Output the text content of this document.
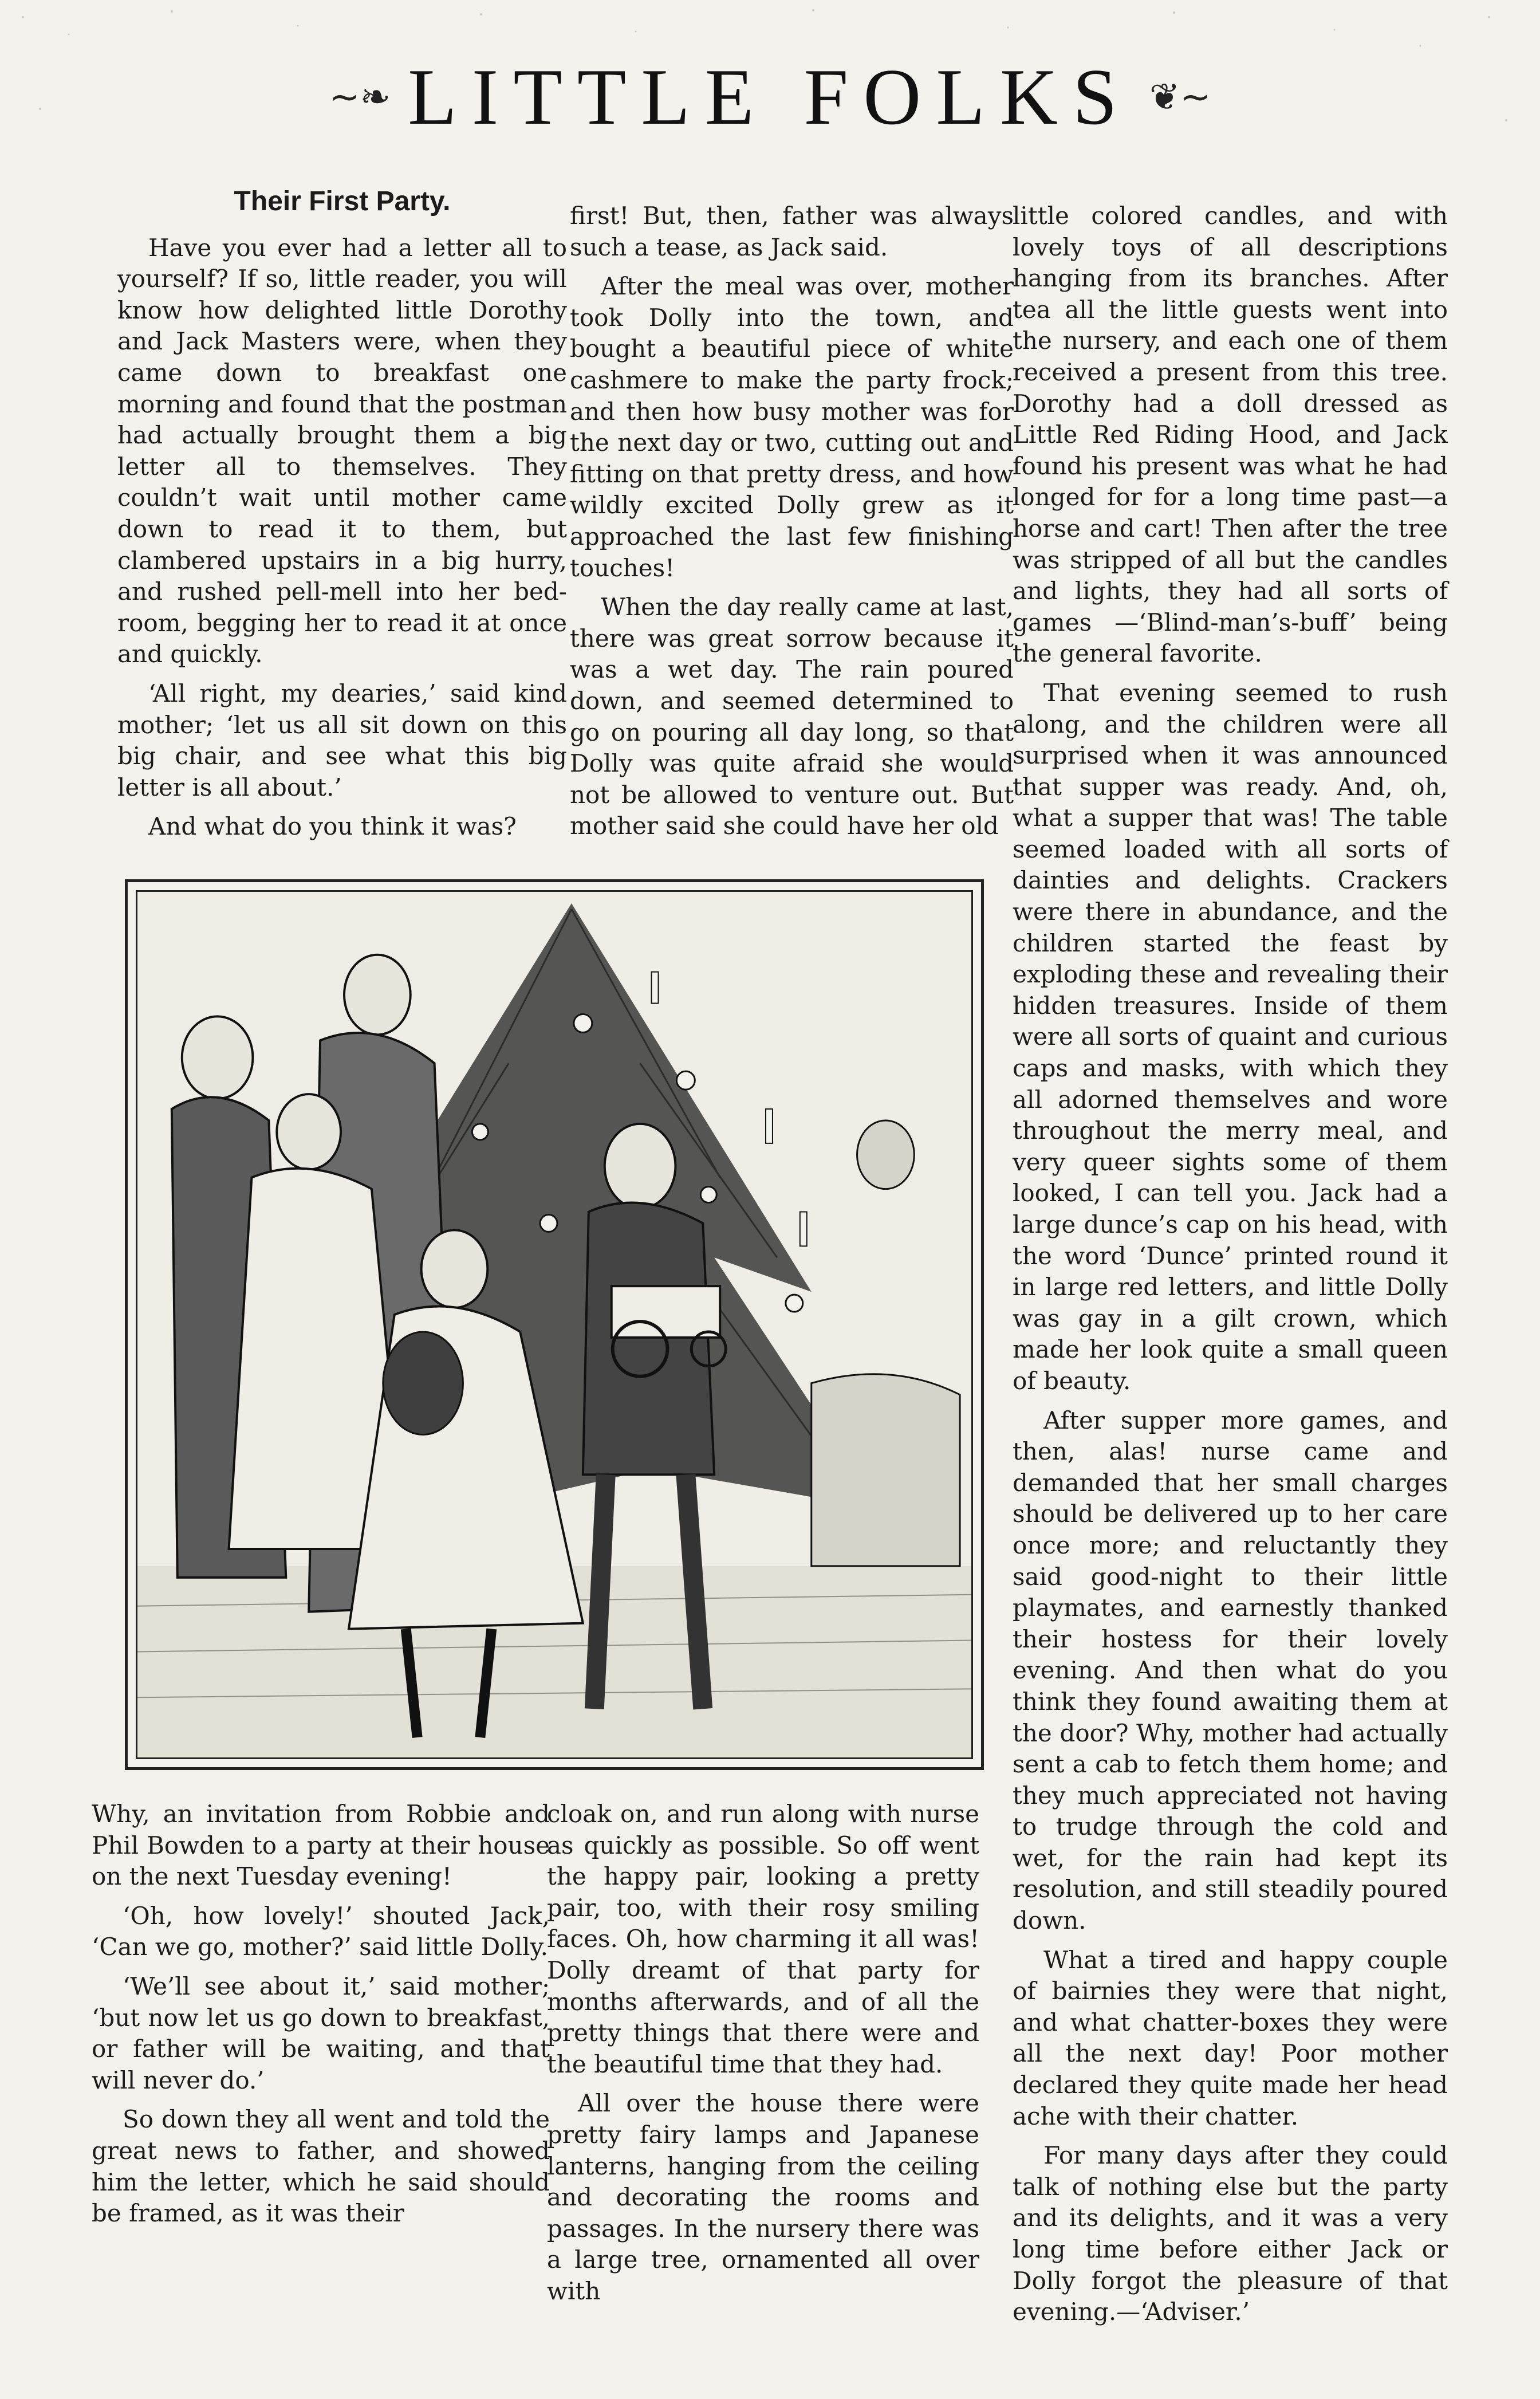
~❧ LITTLE FOLKS ❦~
Their First Party.

Have you ever had a letter all to yourself? If so, little reader, you will know how delighted little Dorothy and Jack Masters were, when they came down to breakfast one morning and found that the postman had actually brought them a big letter all to themselves. They couldn’t wait until mother came down to read it to them, but clambered upstairs in a big hurry, and rushed pell-mell into her bed-room, begging her to read it at once and quickly.

‘All right, my dearies,’ said kind mother; ‘let us all sit down on this big chair, and see what this big letter is all about.’

And what do you think it was?

first! But, then, father was always such a tease, as Jack said.

After the meal was over, mother took Dolly into the town, and bought a beautiful piece of white cashmere to make the party frock; and then how busy mother was for the next day or two, cutting out and fitting on that pretty dress, and how wildly excited Dolly grew as it approached the last few finishing touches!

When the day really came at last, there was great sorrow because it was a wet day. The rain poured down, and seemed determined to go on pouring all day long, so that Dolly was quite afraid she would not be allowed to venture out. But mother said she could have her old

little colored candles, and with lovely toys of all descriptions hanging from its branches. After tea all the little guests went into the nursery, and each one of them received a present from this tree. Dorothy had a doll dressed as Little Red Riding Hood, and Jack found his present was what he had longed for for a long time past—a horse and cart! Then after the tree was stripped of all but the candles and lights, they had all sorts of games —‘Blind-man’s-buff’ being the general favorite.

That evening seemed to rush along, and the children were all surprised when it was announced that supper was ready. And, oh, what a supper that was! The table seemed loaded with all sorts of dainties and delights. Crackers were there in abundance, and the children started the feast by exploding these and revealing their hidden treasures. Inside of them were all sorts of quaint and curious caps and masks, with which they all adorned themselves and wore throughout the merry meal, and very queer sights some of them looked, I can tell you. Jack had a large dunce’s cap on his head, with the word ‘Dunce’ printed round it in large red letters, and little Dolly was gay in a gilt crown, which made her look quite a small queen of beauty.

After supper more games, and then, alas! nurse came and demanded that her small charges should be delivered up to her care once more; and reluctantly they said good-night to their little playmates, and earnestly thanked their hostess for their lovely evening. And then what do you think they found awaiting them at the door? Why, mother had actually sent a cab to fetch them home; and they much appreciated not having to trudge through the cold and wet, for the rain had kept its resolution, and still steadily poured down.

What a tired and happy couple of bairnies they were that night, and what chatter-boxes they were all the next day! Poor mother declared they quite made her head ache with their chatter.

For many days after they could talk of nothing else but the party and its delights, and it was a very long time before either Jack or Dolly forgot the pleasure of that evening.—‘Adviser.’

Why, an invitation from Robbie and Phil Bowden to a party at their house on the next Tuesday evening!

‘Oh, how lovely!’ shouted Jack, ‘Can we go, mother?’ said little Dolly.

‘We’ll see about it,’ said mother; ‘but now let us go down to breakfast, or father will be waiting, and that will never do.’

So down they all went and told the great news to father, and showed him the letter, which he said should be framed, as it was their

cloak on, and run along with nurse as quickly as possible. So off went the happy pair, looking a pretty pair, too, with their rosy smiling faces. Oh, how charming it all was! Dolly dreamt of that party for months afterwards, and of all the pretty things that there were and the beautiful time that they had.

All over the house there were pretty fairy lamps and Japanese lanterns, hanging from the ceiling and decorating the rooms and passages. In the nursery there was a large tree, ornamented all over with
